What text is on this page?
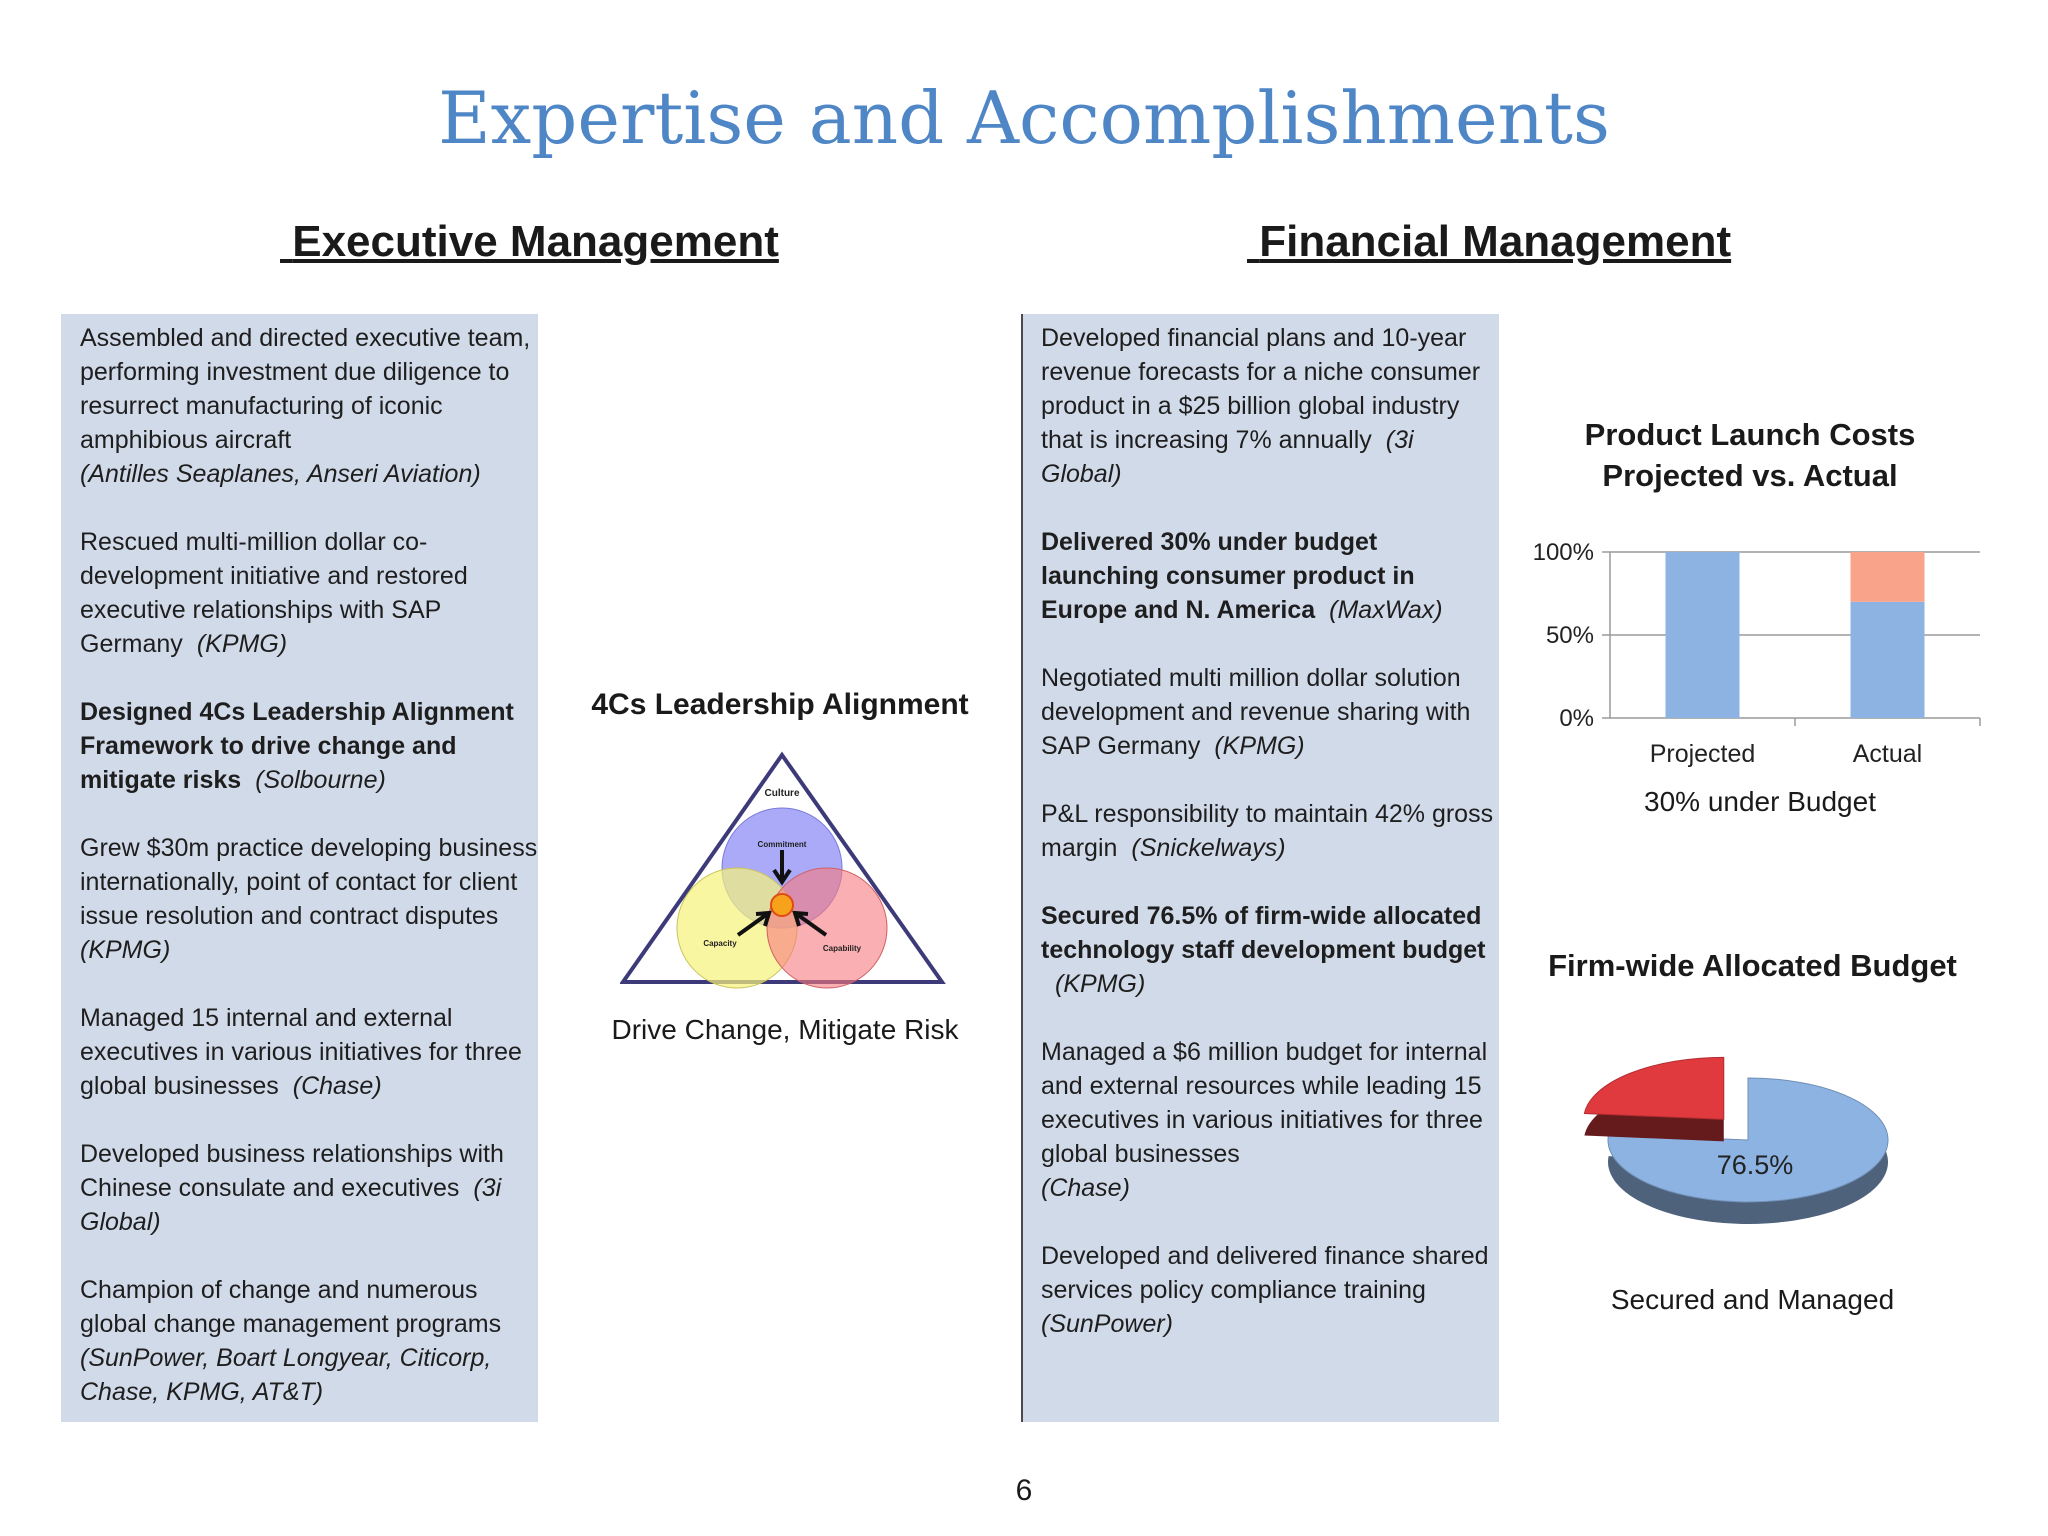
Expertise and Accomplishments
Executive Management	Financial Management
Assembled and directed executive team, performing investment due diligence to resurrect manufacturing of iconic amphibious aircraft
(Antilles Seaplanes, Anseri Aviation)
Rescued multi-million dollar co-development initiative and restored executive relationships with SAP Germany (KPMG)
Designed 4Cs Leadership Alignment Framework to drive change and mitigate risks (Solbourne)
Grew $30m practice developing business internationally, point of contact for client issue resolution and contract disputes(KPMG)
Managed 15 internal and external executives in various initiatives for three global businesses (Chase)
Developed business relationships with Chinese consulate and executives (3i Global)
Champion of change and numerous global change management programs
(SunPower, Boart Longyear, Citicorp, Chase, KPMG, AT&T)
4Cs Leadership Alignment
Culture
Commitment
Capacity
Capability
Drive Change, Mitigate Risk
Developed financial plans and 10-year revenue forecasts for a niche consumer product in a $25 billion global industry that is increasing 7% annually (3i Global)
Delivered 30% under budget launching consumer product in Europe and N. America (MaxWax)
Negotiated multi million dollar solution development and revenue sharing with SAP Germany (KPMG)
P&L responsibility to maintain 42% gross margin (Snickelways)
Secured 76.5% of firm-wide allocated technology staff development budget(KPMG)
Managed a $6 million budget for internal and external resources while leading 15 executives in various initiatives for three global businesses
(Chase)
Developed and delivered finance shared services policy compliance training(SunPower)
Product Launch Costs Projected vs. Actual
0%
50%
100%
Projected	Actual
30% under Budget
Firm-wide Allocated Budget
76.5%
Secured and Managed
6
